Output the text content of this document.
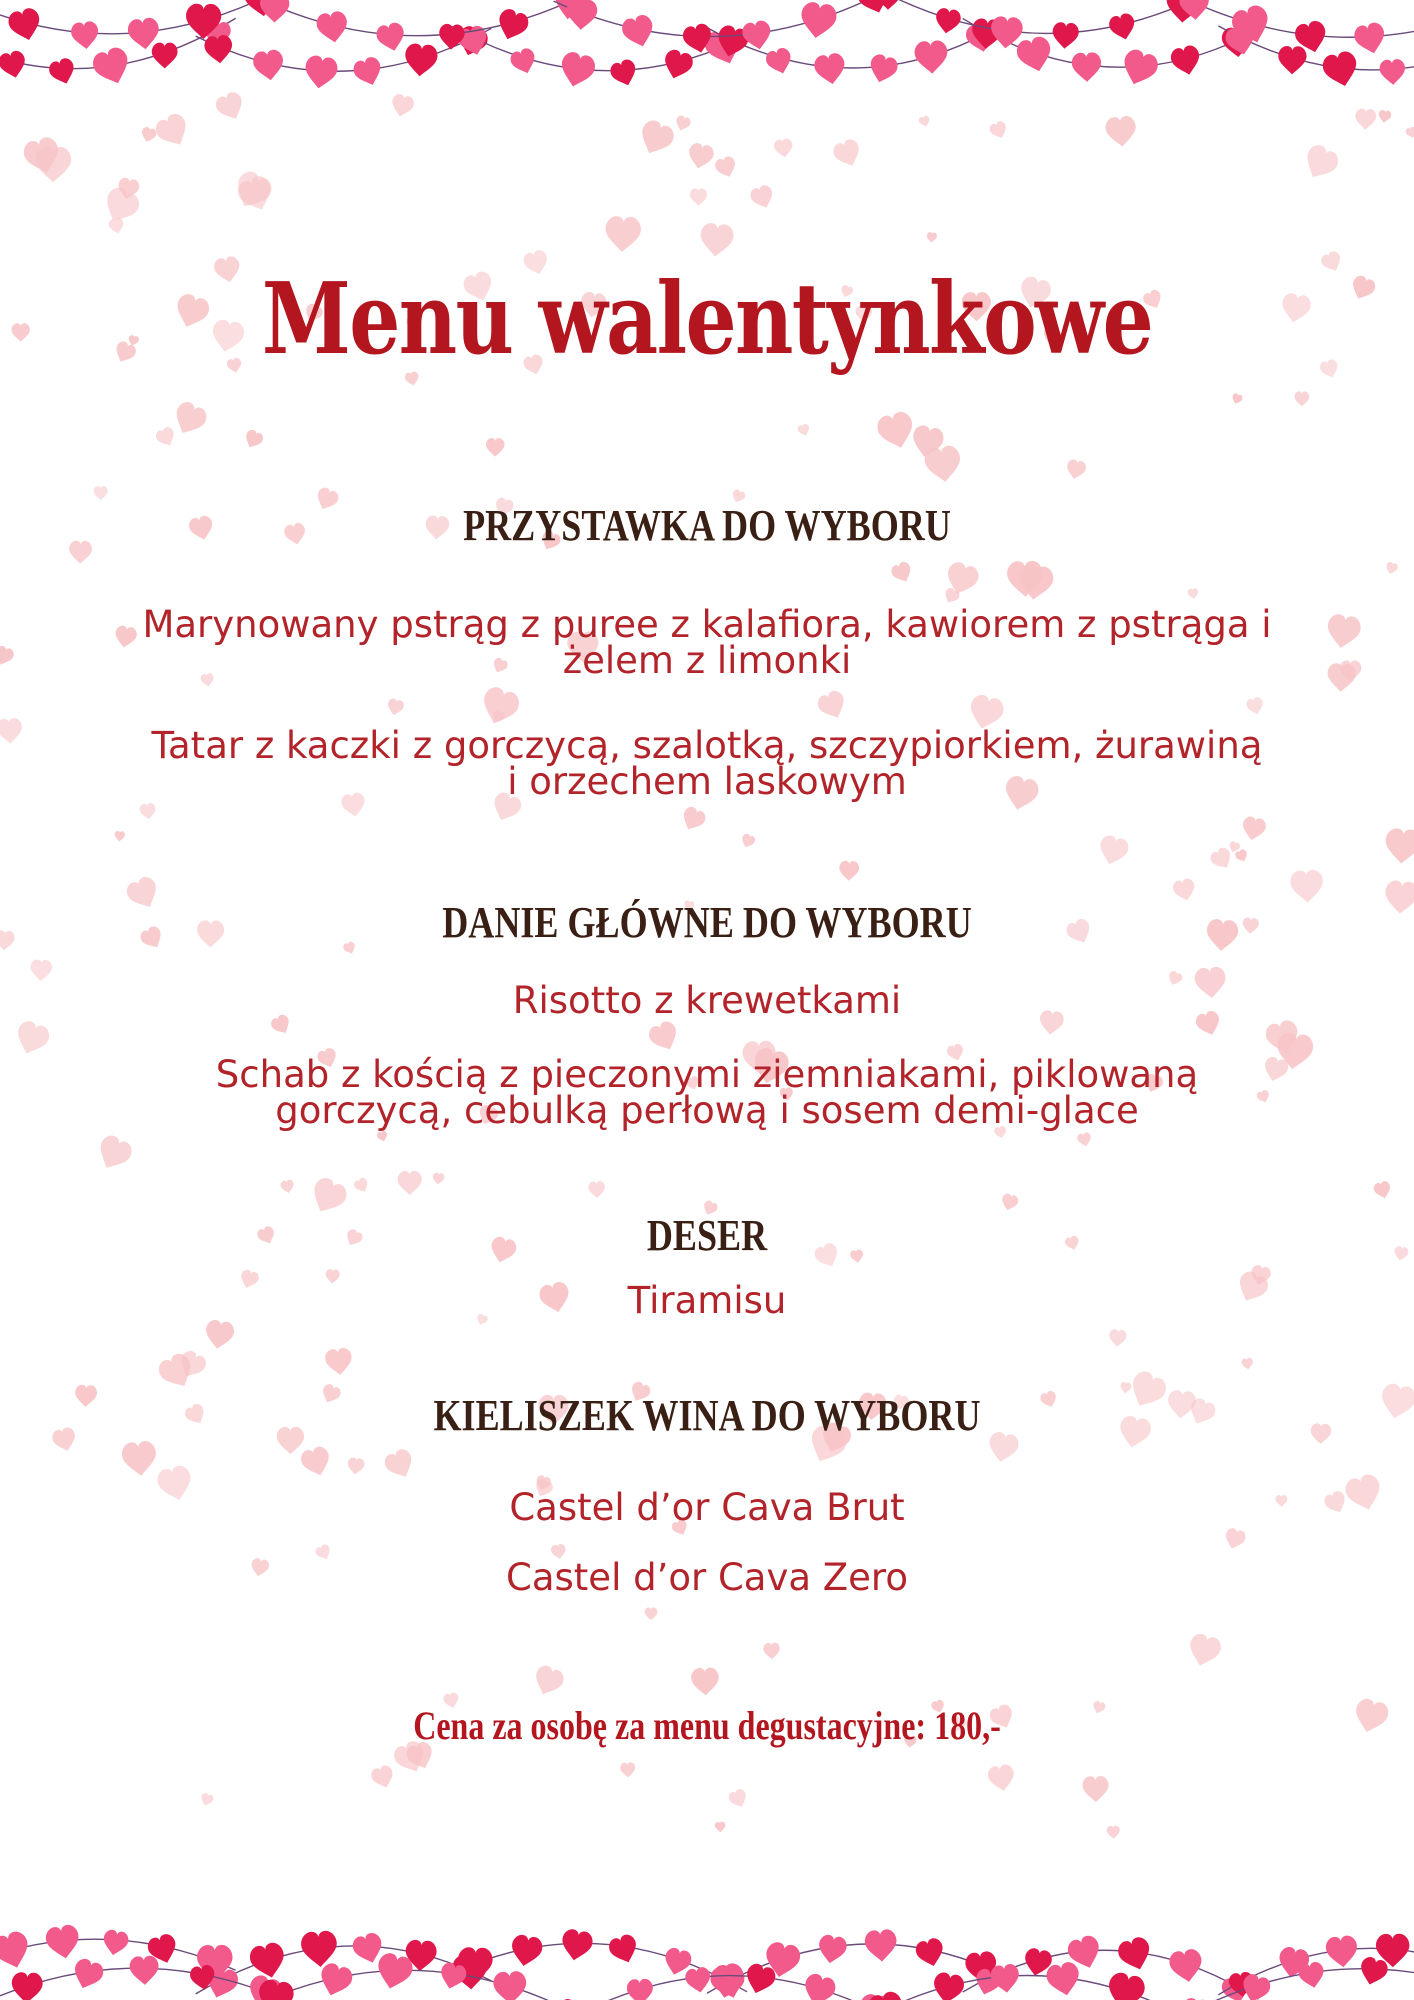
Menu walentynkowe
PRZYSTAWKA DO WYBORU
Marynowany pstrąg z puree z kalafiora, kawiorem z pstrąga i
żelem z limonki
Tatar z kaczki z gorczycą, szalotką, szczypiorkiem, żurawiną
i orzechem laskowym
DANIE GŁÓWNE DO WYBORU
Risotto z krewetkami
Schab z kością z pieczonymi ziemniakami, piklowaną
gorczycą, cebulką perłową i sosem demi-glace
DESER
Tiramisu
KIELISZEK WINA DO WYBORU
Castel d’or Cava Brut
Castel d’or Cava Zero
Cena za osobę za menu degustacyjne: 180,-
